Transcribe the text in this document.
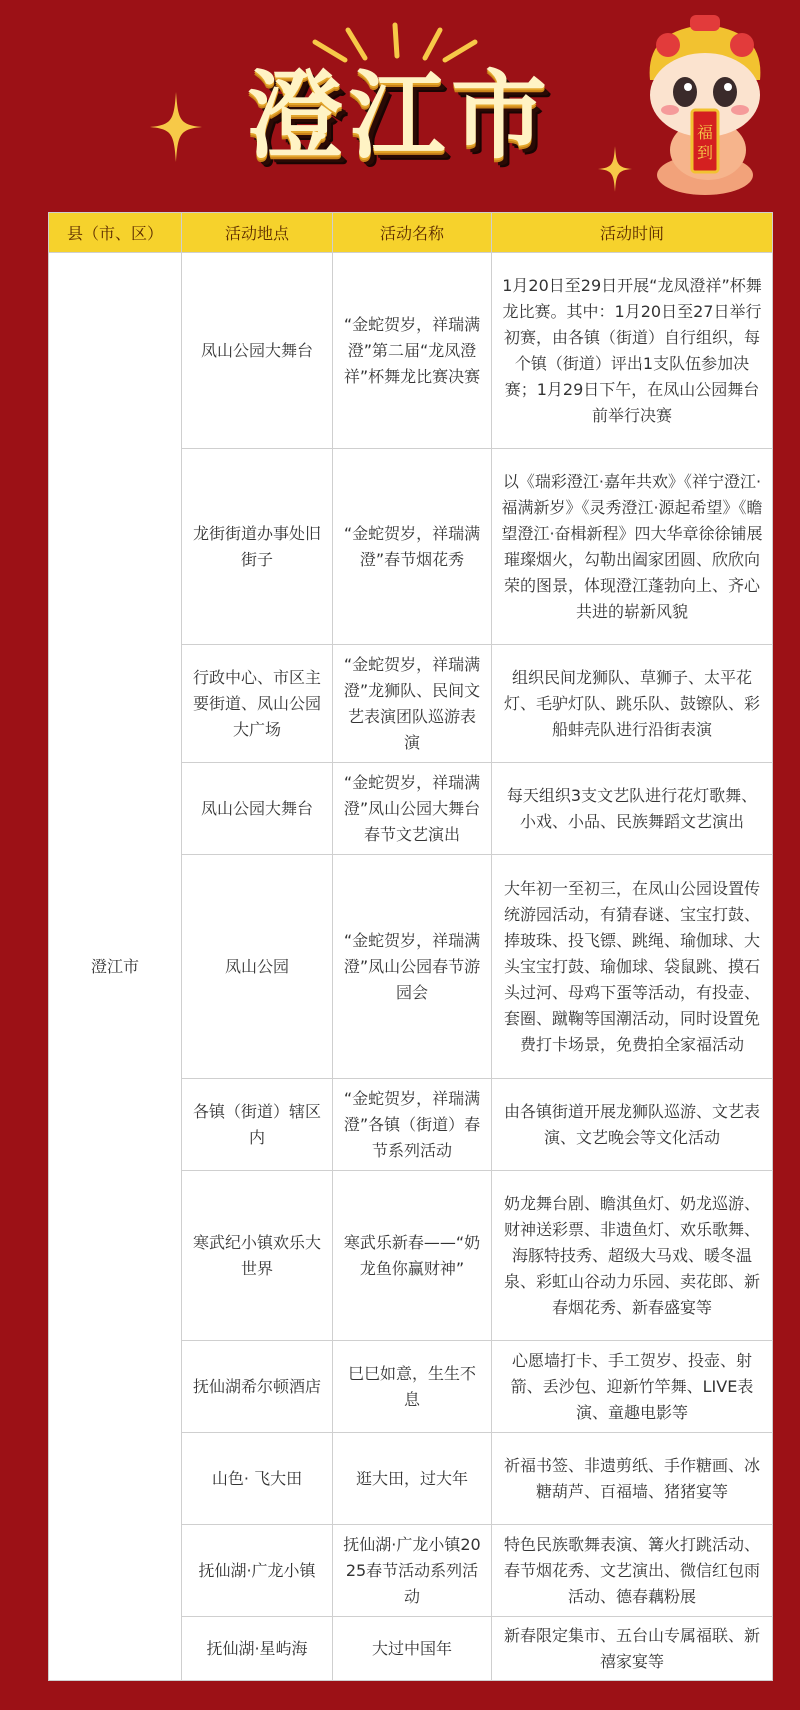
澄江市	福到
县（市、区）	活动地点	活动名称	活动时间
澄江市	凤山公园大舞台	“金蛇贺岁，祥瑞满澄”第二届“龙凤澄祥”杯舞龙比赛决赛	1月20日至29日开展“龙凤澄祥”杯舞龙比赛。其中：1月20日至27日举行初赛，由各镇（街道）自行组织，每个镇（街道）评出1支队伍参加决赛；1月29日下午，在凤山公园舞台前举行决赛
	龙街街道办事处旧街子	“金蛇贺岁，祥瑞满澄”春节烟花秀	以《瑞彩澄江·嘉年共欢》《祥宁澄江·福满新岁》《灵秀澄江·源起希望》《瞻望澄江·奋楫新程》四大华章徐徐铺展璀璨烟火，勾勒出阖家团圆、欣欣向荣的图景，体现澄江蓬勃向上、齐心共进的崭新风貌
	行政中心、市区主要街道、凤山公园大广场	“金蛇贺岁，祥瑞满澄”龙狮队、民间文艺表演团队巡游表演	组织民间龙狮队、草狮子、太平花灯、毛驴灯队、跳乐队、鼓镲队、彩船蚌壳队进行沿街表演
	凤山公园大舞台	“金蛇贺岁，祥瑞满澄”凤山公园大舞台春节文艺演出	每天组织3支文艺队进行花灯歌舞、小戏、小品、民族舞蹈文艺演出
	凤山公园	“金蛇贺岁，祥瑞满澄”凤山公园春节游园会	大年初一至初三，在凤山公园设置传统游园活动，有猜春谜、宝宝打鼓、捧玻珠、投飞镖、跳绳、瑜伽球、大头宝宝打鼓、瑜伽球、袋鼠跳、摸石头过河、母鸡下蛋等活动，有投壶、套圈、蹴鞠等国潮活动，同时设置免费打卡场景，免费拍全家福活动
	各镇（街道）辖区内	“金蛇贺岁，祥瑞满澄”各镇（街道）春节系列活动	由各镇街道开展龙狮队巡游、文艺表演、文艺晚会等文化活动
	寒武纪小镇欢乐大世界	寒武乐新春——“奶龙鱼你赢财神”	奶龙舞台剧、瞻淇鱼灯、奶龙巡游、财神送彩票、非遗鱼灯、欢乐歌舞、海豚特技秀、超级大马戏、暖冬温泉、彩虹山谷动力乐园、卖花郎、新春烟花秀、新春盛宴等
	抚仙湖希尔顿酒店	巳巳如意，生生不息	心愿墙打卡、手工贺岁、投壶、射箭、丢沙包、迎新竹竿舞、LIVE表演、童趣电影等
	山色· 飞大田	逛大田，过大年	祈福书签、非遗剪纸、手作糖画、冰糖葫芦、百福墙、猪猪宴等
	抚仙湖·广龙小镇	抚仙湖·广龙小镇2025春节活动系列活动	特色民族歌舞表演、篝火打跳活动、春节烟花秀、文艺演出、微信红包雨活动、德春藕粉展
	抚仙湖·星屿海	大过中国年	新春限定集市、五台山专属福联、新禧家宴等
